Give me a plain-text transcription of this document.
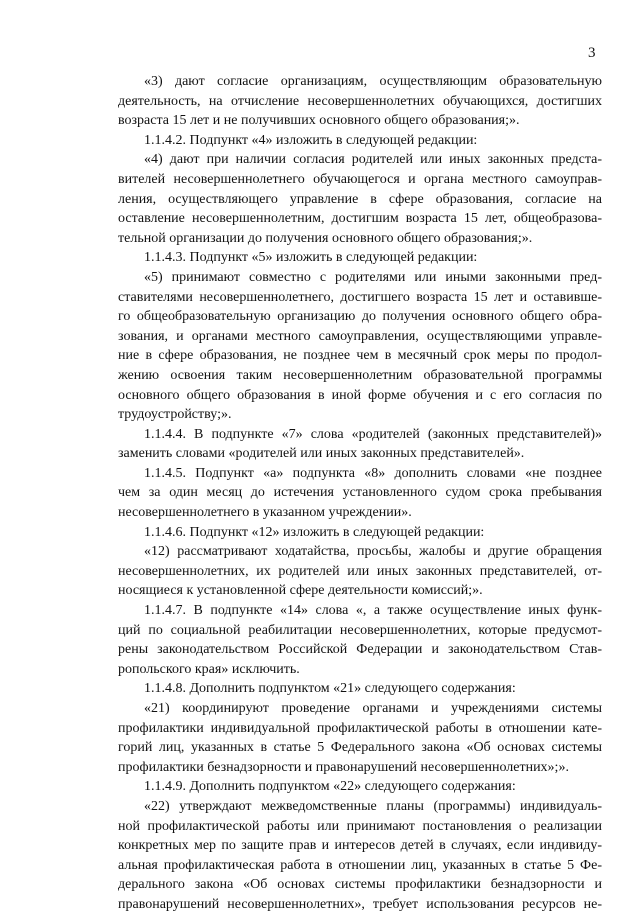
3
«3) дают согласие организациям, осуществляющим образовательную
деятельность, на отчисление несовершеннолетних обучающихся, достигших
возраста 15 лет и не получивших основного общего образования;».
1.1.4.2. Подпункт «4» изложить в следующей редакции:
«4) дают при наличии согласия родителей или иных законных предста-
вителей несовершеннолетнего обучающегося и органа местного самоуправ-
ления, осуществляющего управление в сфере образования, согласие на
оставление несовершеннолетним, достигшим возраста 15 лет, общеобразова-
тельной организации до получения основного общего образования;».
1.1.4.3. Подпункт «5» изложить в следующей редакции:
«5) принимают совместно с родителями или иными законными пред-
ставителями несовершеннолетнего, достигшего возраста 15 лет и оставивше-
го общеобразовательную организацию до получения основного общего обра-
зования, и органами местного самоуправления, осуществляющими управле-
ние в сфере образования, не позднее чем в месячный срок меры по продол-
жению освоения таким несовершеннолетним образовательной программы
основного общего образования в иной форме обучения и с его согласия по
трудоустройству;».
1.1.4.4. В подпункте «7» слова «родителей (законных представителей)»
заменить словами «родителей или иных законных представителей».
1.1.4.5. Подпункт «а» подпункта «8» дополнить словами «не позднее
чем за один месяц до истечения установленного судом срока пребывания
несовершеннолетнего в указанном учреждении».
1.1.4.6. Подпункт «12» изложить в следующей редакции:
«12) рассматривают ходатайства, просьбы, жалобы и другие обращения
несовершеннолетних, их родителей или иных законных представителей, от-
носящиеся к установленной сфере деятельности комиссий;».
1.1.4.7. В подпункте «14» слова «, а также осуществление иных функ-
ций по социальной реабилитации несовершеннолетних, которые предусмот-
рены законодательством Российской Федерации и законодательством Став-
ропольского края» исключить.
1.1.4.8. Дополнить подпунктом «21» следующего содержания:
«21) координируют проведение органами и учреждениями системы
профилактики индивидуальной профилактической работы в отношении кате-
горий лиц, указанных в статье 5 Федерального закона «Об основах системы
профилактики безнадзорности и правонарушений несовершеннолетних»;».
1.1.4.9. Дополнить подпунктом «22» следующего содержания:
«22) утверждают межведомственные планы (программы) индивидуаль-
ной профилактической работы или принимают постановления о реализации
конкретных мер по защите прав и интересов детей в случаях, если индивиду-
альная профилактическая работа в отношении лиц, указанных в статье 5 Фе-
дерального закона «Об основах системы профилактики безнадзорности и
правонарушений несовершеннолетних», требует использования ресурсов не-
